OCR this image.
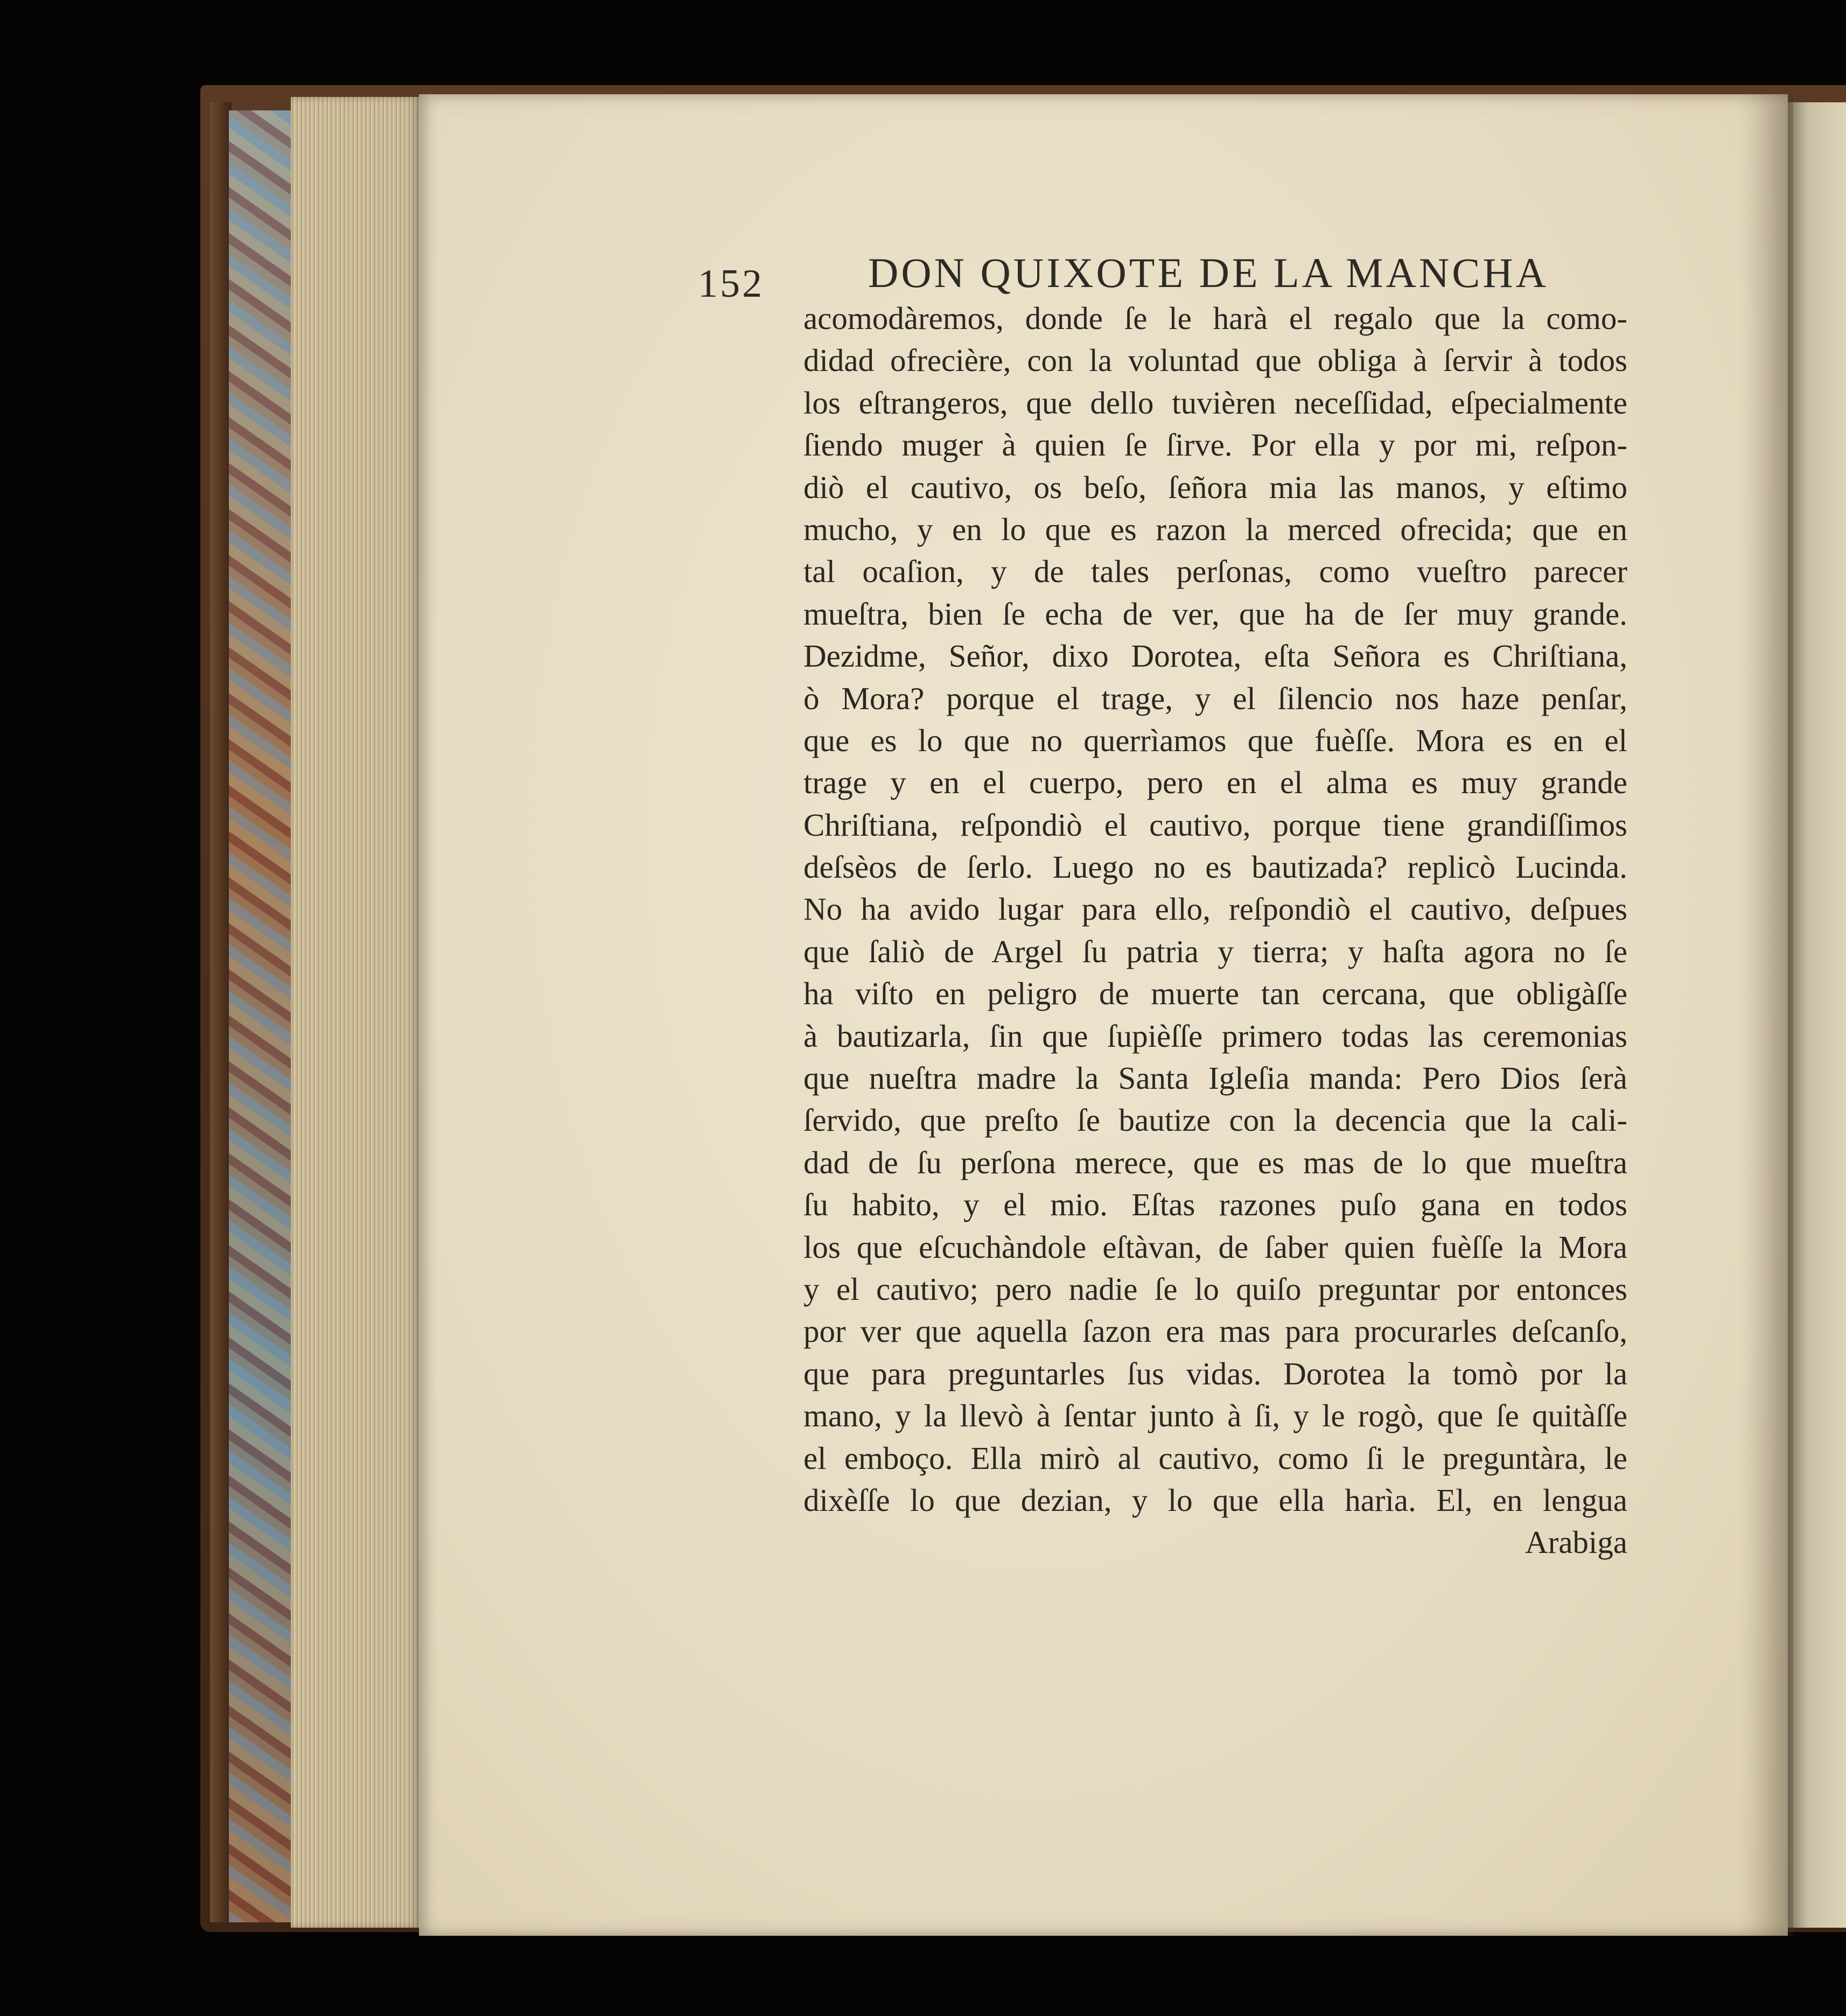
152 DON QUIXOTE DE LA MANCHA
acomodàremos, donde ſe le harà el regalo que la como-
didad ofrecière, con la voluntad que obliga à ſervir à todos
los eſtrangeros, que dello tuvièren neceſſidad, eſpecialmente
ſiendo muger à quien ſe ſirve. Por ella y por mi, reſpon-
diò el cautivo, os beſo, ſeñora mia las manos, y eſtimo
mucho, y en lo que es razon la merced ofrecida; que en
tal ocaſion, y de tales perſonas, como vueſtro parecer
mueſtra, bien ſe echa de ver, que ha de ſer muy grande.
Dezidme, Señor, dixo Dorotea, eſta Señora es Chriſtiana,
ò Mora? porque el trage, y el ſilencio nos haze penſar,
que es lo que no querrìamos que fuèſſe. Mora es en el
trage y en el cuerpo, pero en el alma es muy grande
Chriſtiana, reſpondiò el cautivo, porque tiene grandiſſimos
deſsèos de ſerlo. Luego no es bautizada? replicò Lucinda.
No ha avido lugar para ello, reſpondiò el cautivo, deſpues
que ſaliò de Argel ſu patria y tierra; y haſta agora no ſe
ha viſto en peligro de muerte tan cercana, que obligàſſe
à bautizarla, ſin que ſupièſſe primero todas las ceremonias
que nueſtra madre la Santa Igleſia manda: Pero Dios ſerà
ſervido, que preſto ſe bautize con la decencia que la cali-
dad de ſu perſona merece, que es mas de lo que mueſtra
ſu habito, y el mio. Eſtas razones puſo gana en todos
los que eſcuchàndole eſtàvan, de ſaber quien fuèſſe la Mora
y el cautivo; pero nadie ſe lo quiſo preguntar por entonces
por ver que aquella ſazon era mas para procurarles deſcanſo,
que para preguntarles ſus vidas. Dorotea la tomò por la
mano, y la llevò à ſentar junto à ſi, y le rogò, que ſe quitàſſe
el emboço. Ella mirò al cautivo, como ſi le preguntàra, le
dixèſſe lo que dezian, y lo que ella harìa. El, en lengua
Arabiga
